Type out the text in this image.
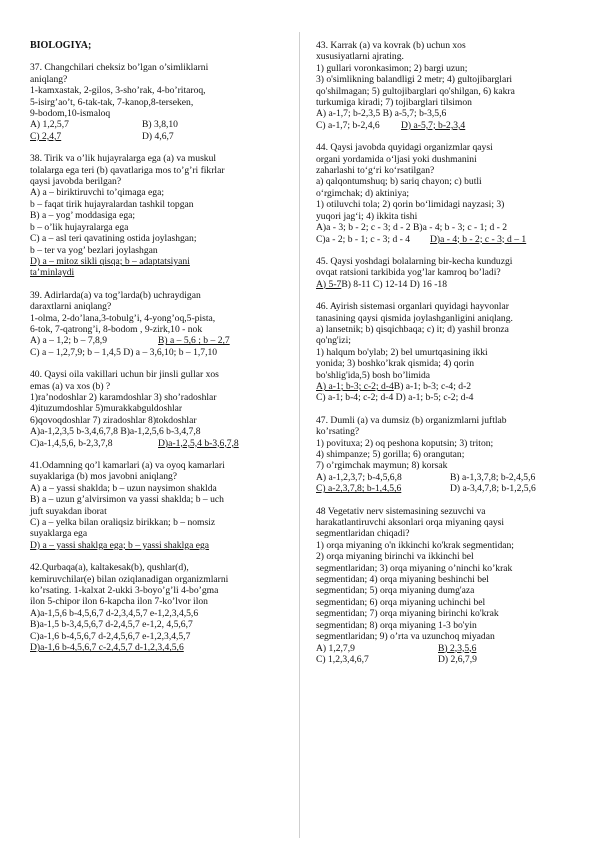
BIOLOGIYA;
37. Changchilari cheksiz bo’lgan o’simliklarni
aniqlang?
1-kamxastak, 2-gilos, 3-sho’rak, 4-bo’ritaroq,
5-isirg’ao’t, 6-tak-tak, 7-kanop,8-terseken,
9-bodom,10-ismaloq
A) 1,2,5,7	B) 3,8,10
C) 2,4,7	D) 4,6,7
38. Tirik va o’lik hujayralarga ega (a) va muskul
tolalarga ega teri (b) qavatlariga mos to’g’ri fikrlar
qaysi javobda berilgan?
A) a – biriktiruvchi to’qimaga ega;
b – faqat tirik hujayralardan tashkil topgan
B) a – yog’ moddasiga ega;
b – o’lik hujayralarga ega
C) a – asl teri qavatining ostida joylashgan;
b – ter va yog’ bezlari joylashgan
D) a – mitoz sikli qisqa; b – adaptatsiyani
ta’minlaydi
39. Adirlarda(a) va tog’larda(b) uchraydigan
daraxtlarni aniqlang?
1-olma, 2-do’lana,3-tobulg’i, 4-yong’oq,5-pista,
6-tok, 7-qatrong’i, 8-bodom , 9-zirk,10 - nok
A) a – 1,2; b – 7,8,9	B) a – 5,6 ; b – 2,7
C) a – 1,2,7,9; b – 1,4,5 D) a – 3,6,10; b – 1,7,10
40. Qaysi oila vakillari uchun bir jinsli gullar xos
emas (a) va xos (b) ?
1)ra’nodoshlar 2) karamdoshlar 3) sho’radoshlar
4)ituzumdoshlar 5)murakkabguldoshlar
6)qovoqdoshlar 7) ziradoshlar 8)tokdoshlar
A)a-1,2,3,5 b-3,4,6,7,8 B)a-1,2,5,6 b-3,4,7,8
C)a-1,4,5,6, b-2,3,7,8	D)a-1,2,5,4 b-3,6,7,8
41.Odamning qo’l kamarlari (a) va oyoq kamarlari
suyaklariga (b) mos javobni aniqlang?
A) a – yassi shaklda; b – uzun naysimon shaklda
B) a – uzun g’alvirsimon va yassi shaklda; b – uch
juft suyakdan iborat
C) a – yelka bilan oraliqsiz birikkan; b – nomsiz
suyaklarga ega
D) a – yassi shaklga ega; b – yassi shaklga ega
42.Qurbaqa(a), kaltakesak(b), qushlar(d),
kemiruvchilar(e) bilan oziqlanadigan organizmlarni
ko’rsating. 1-kalxat 2-ukki 3-boyo’g’li 4-bo’gma
ilon 5-chipor ilon 6-kapcha ilon 7-ko’lvor ilon
A)a-1,5,6 b-4,5,6,7 d-2,3,4,5,7 e-1,2,3,4,5,6
B)a-1,5 b-3,4,5,6,7 d-2,4,5,7 e-1,2, 4,5,6,7
C)a-1,6 b-4,5,6,7 d-2,4,5,6,7 e-1,2,3,4,5,7
D)a-1,6 b-4,5,6,7 c-2,4,5,7 d-1,2,3,4,5,6
43. Karrak (a) va kovrak (b) uchun xos
xususiyatlarni ajrating.
1) gullari voronkasimon; 2) bargi uzun;
3) o'simlikning balandligi 2 metr; 4) gultojibarglari
qo'shilmagan; 5) gultojibarglari qo'shilgan, 6) kakra
turkumiga kiradi; 7) tojibarglari tilsimon
A) a-1,7; b-2,3,5 B) a-5,7; b-3,5,6
C) a-1,7; b-2,4,6	D) a-5,7; b-2,3,4
44. Qaysi javobda quyidagi organizmlar qaysi
organi yordamida o‘ljasi yoki dushmanini
zaharlashi to‘g‘ri ko‘rsatilgan?
a) qalqontumshuq; b) sariq chayon; c) butli
o‘rgimchak; d) aktiniya;
1) otiluvchi tola; 2) qorin bo‘limidagi nayzasi; 3)
yuqori jag‘i; 4) ikkita tishi
A)a - 3; b - 2; c - 3; d - 2 B)a - 4; b - 3; c - 1; d - 2
C)a - 2; b - 1; c - 3; d - 4	D)a - 4; b - 2; c - 3; d – 1
45. Qaysi yoshdagi bolalarning bir-kecha kunduzgi
ovqat ratsioni tarkibida yog’lar kamroq bo’ladi?
A) 5-7 B) 8-11 C) 12-14 D) 16 -18
46. Ayirish sistemasi organlari quyidagi hayvonlar
tanasining qaysi qismida joylashganligini aniqlang.
a) lansetnik; b) qisqichbaqa; c) it; d) yashil bronza
qo'ng'izi;
1) halqum bo'ylab; 2) bel umurtqasining ikki
yonida; 3) boshko’krak qismida; 4) qorin
bo'shlig'ida,5) bosh bo’limida
A) a-1; b-3; c-2; d-4 B) a-1; b-3; c-4; d-2
C) a-1; b-4; c-2; d-4 D) a-1; b-5; c-2; d-4
47. Dumli (a) va dumsiz (b) organizmlarni juftlab
ko’rsating?
1) povituxa; 2) oq peshona koputsin; 3) triton;
4) shimpanze; 5) gorilla; 6) orangutan;
7) o’rgimchak maymun; 8) korsak
A) a-1,2,3,7; b-4,5,6,8	B) a-1,3,7,8; b-2,4,5,6
C) a-2,3,7,8; b-1,4,5,6	D) a-3,4,7,8; b-1,2,5,6
48 Vegetativ nerv sistemasining sezuvchi va
harakatlantiruvchi aksonlari orqa miyaning qaysi
segmentlaridan chiqadi?
1) orqa miyaning o'n ikkinchi ko'krak segmentidan;
2) orqa miyaning birinchi va ikkinchi bel
segmentlaridan; 3) orqa miyaning o’ninchi ko’krak
segmentidan; 4) orqa miyaning beshinchi bel
segmentidan; 5) orqa miyaning dumg'aza
segmentidan; 6) orqa miyaning uchinchi bel
segmentidan; 7) orqa miyaning birinchi ko'krak
segmentidan; 8) orqa miyaning 1-3 bo'yin
segmentlaridan; 9) o’rta va uzunchoq miyadan
A) 1,2,7,9	B) 2,3,5,6
C) 1,2,3,4,6,7	D) 2,6,7,9
